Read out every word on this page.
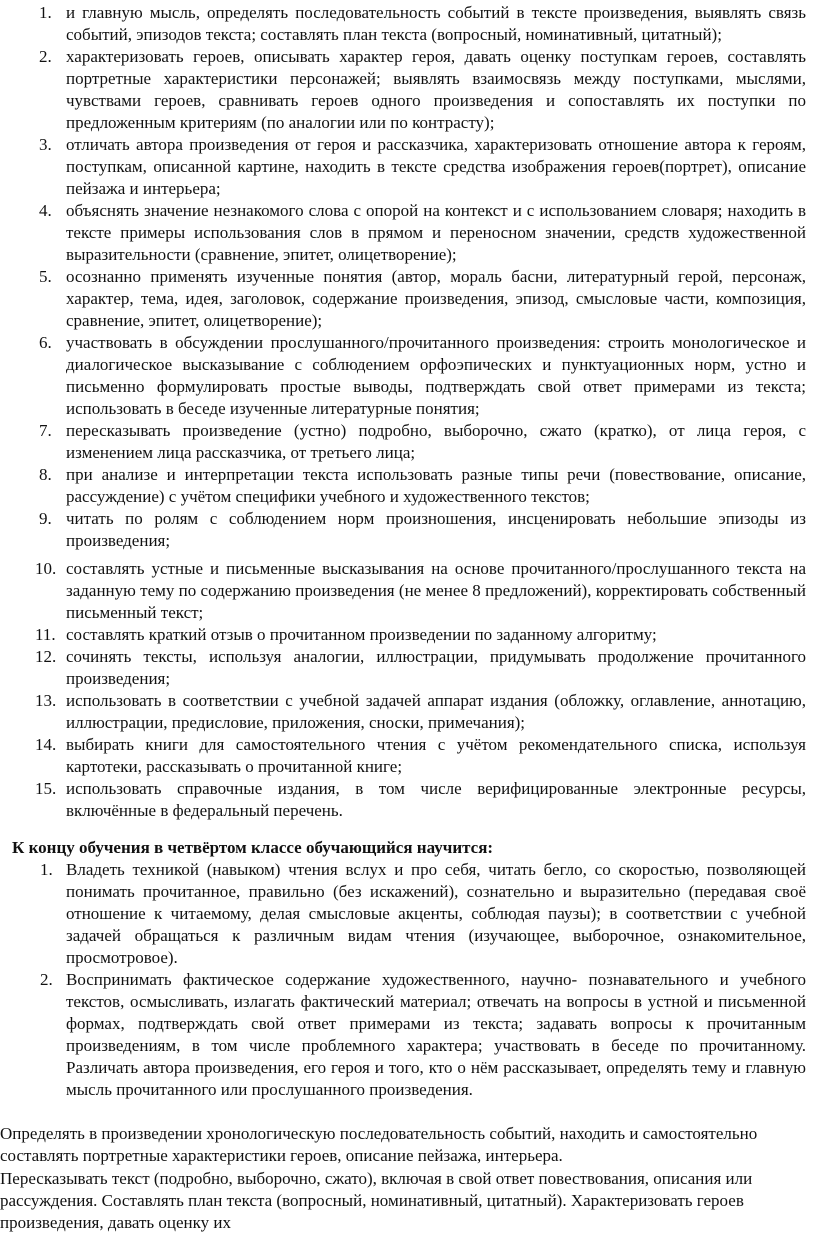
1. и главную мысль, определять последовательность событий в тексте произведения, выявлять связь событий, эпизодов текста; составлять план текста (вопросный, номинативный, цитатный);
2. характеризовать героев, описывать характер героя, давать оценку поступкам героев, составлять портретные характеристики персонажей; выявлять взаимосвязь между поступками, мыслями, чувствами героев, сравнивать героев одного произведения и сопоставлять их поступки по предложенным критериям (по аналогии или по контрасту);
3. отличать автора произведения от героя и рассказчика, характеризовать отношение автора к героям, поступкам, описанной картине, находить в тексте средства изображения героев(портрет), описание пейзажа и интерьера;
4. объяснять значение незнакомого слова с опорой на контекст и с использованием словаря; находить в тексте примеры использования слов в прямом и переносном значении, средств художественной выразительности (сравнение, эпитет, олицетворение);
5. осознанно применять изученные понятия (автор, мораль басни, литературный герой, персонаж, характер, тема, идея, заголовок, содержание произведения, эпизод, смысловые части, композиция, сравнение, эпитет, олицетворение);
6. участвовать в обсуждении прослушанного/прочитанного произведения: строить монологическое и диалогическое высказывание с соблюдением орфоэпических и пунктуационных норм, устно и письменно формулировать простые выводы, подтверждать свой ответ примерами из текста; использовать в беседе изученные литературные понятия;
7. пересказывать произведение (устно) подробно, выборочно, сжато (кратко), от лица героя, с изменением лица рассказчика, от третьего лица;
8. при анализе и интерпретации текста использовать разные типы речи (повествование, описание, рассуждение) с учётом специфики учебного и художественного текстов;
9. читать по ролям с соблюдением норм произношения, инсценировать небольшие эпизоды из произведения;
10. составлять устные и письменные высказывания на основе прочитанного/прослушанного текста на заданную тему по содержанию произведения (не менее 8 предложений), корректировать собственный письменный текст;
11. составлять краткий отзыв о прочитанном произведении по заданному алгоритму;
12. сочинять тексты, используя аналогии, иллюстрации, придумывать продолжение прочитанного произведения;
13. использовать в соответствии с учебной задачей аппарат издания (обложку, оглавление, аннотацию, иллюстрации, предисловие, приложения, сноски, примечания);
14. выбирать книги для самостоятельного чтения с учётом рекомендательного списка, используя картотеки, рассказывать о прочитанной книге;
15. использовать справочные издания, в том числе верифицированные электронные ресурсы, включённые в федеральный перечень.
К концу обучения в четвёртом классе обучающийся научится:
1. Владеть техникой (навыком) чтения вслух и про себя, читать бегло, со скоростью, позволяющей понимать прочитанное, правильно (без искажений), сознательно и выразительно (передавая своё отношение к читаемому, делая смысловые акценты, соблюдая паузы); в соответствии с учебной задачей обращаться к различным видам чтения (изучающее, выборочное, ознакомительное, просмотровое).
2. Воспринимать фактическое содержание художественного, научно- познавательного и учебного текстов, осмысливать, излагать фактический материал; отвечать на вопросы в устной и письменной формах, подтверждать свой ответ примерами из текста; задавать вопросы к прочитанным произведениям, в том числе проблемного характера; участвовать в беседе по прочитанному. Различать автора произведения, его героя и того, кто о нём рассказывает, определять тему и главную мысль прочитанного или прослушанного произведения.
Определять в произведении хронологическую последовательность событий, находить и самостоятельно составлять портретные характеристики героев, описание пейзажа, интерьера.
Пересказывать текст (подробно, выборочно, сжато), включая в свой ответ повествования, описания или рассуждения. Составлять план текста (вопросный, номинативный, цитатный). Характеризовать героев произведения, давать оценку их
